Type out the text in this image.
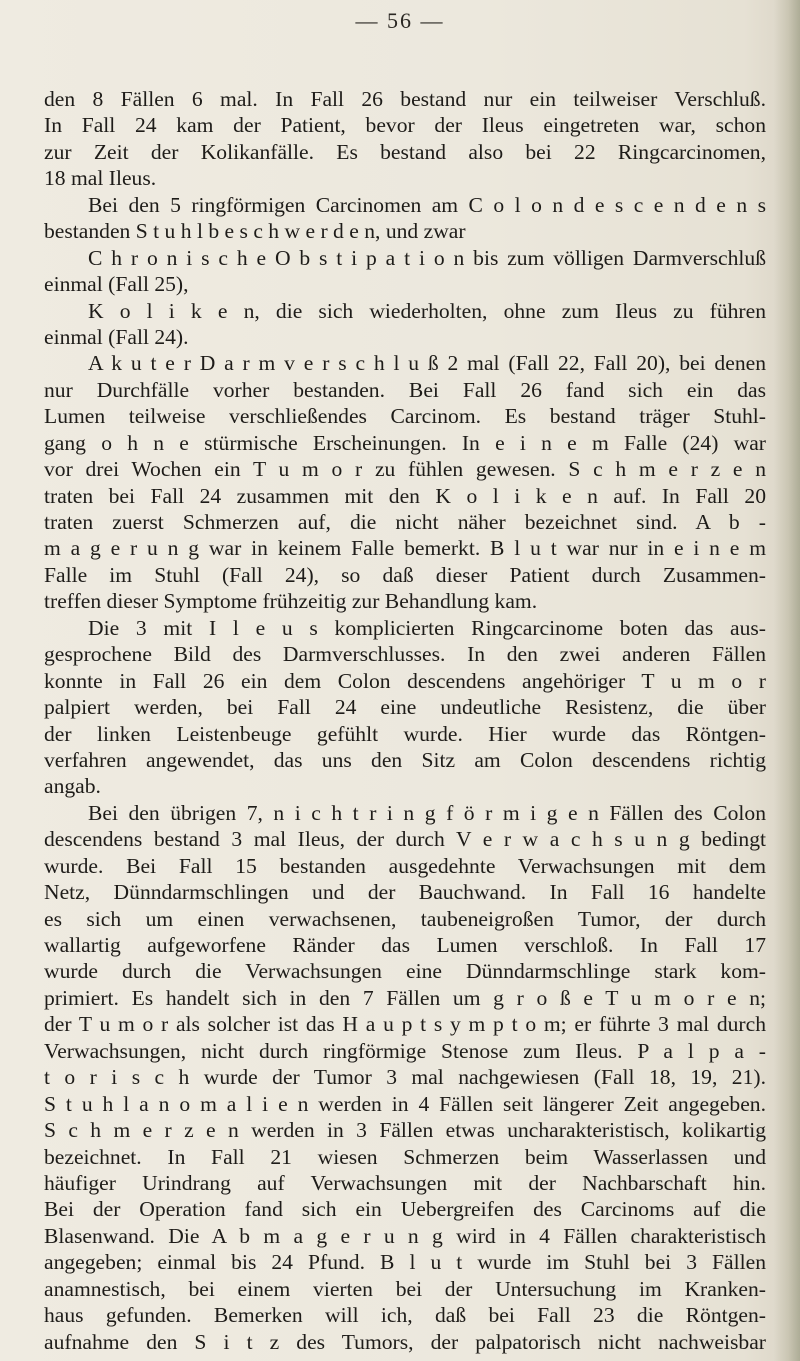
— 56 —
den 8 Fällen 6 mal. In Fall 26 bestand nur ein teilweiser Verschluß.
In Fall 24 kam der Patient, bevor der Ileus eingetreten war, schon
zur Zeit der Kolikanfälle. Es bestand also bei 22 Ringcarcinomen,
18 mal Ileus.
Bei den 5 ringförmigen Carcinomen am C o l o n d e s c e n d e n s
bestanden S t u h l b e s c h w e r d e n, und zwar
C h r o n i s c h e O b s t i p a t i o n bis zum völligen Darmverschluß
einmal (Fall 25),
K o l i k e n, die sich wiederholten, ohne zum Ileus zu führen
einmal (Fall 24).
A k u t e r D a r m v e r s c h l u ß 2 mal (Fall 22, Fall 20), bei denen
nur Durchfälle vorher bestanden. Bei Fall 26 fand sich ein das
Lumen teilweise verschließendes Carcinom. Es bestand träger Stuhl-
gang o h n e stürmische Erscheinungen. In e i n e m Falle (24) war
vor drei Wochen ein T u m o r zu fühlen gewesen. S c h m e r z e n
traten bei Fall 24 zusammen mit den K o l i k e n auf. In Fall 20
traten zuerst Schmerzen auf, die nicht näher bezeichnet sind. A b -
m a g e r u n g war in keinem Falle bemerkt. B l u t war nur in e i n e m
Falle im Stuhl (Fall 24), so daß dieser Patient durch Zusammen-
treffen dieser Symptome frühzeitig zur Behandlung kam.
Die 3 mit I l e u s komplicierten Ringcarcinome boten das aus-
gesprochene Bild des Darmverschlusses. In den zwei anderen Fällen
konnte in Fall 26 ein dem Colon descendens angehöriger T u m o r
palpiert werden, bei Fall 24 eine undeutliche Resistenz, die über
der linken Leistenbeuge gefühlt wurde. Hier wurde das Röntgen-
verfahren angewendet, das uns den Sitz am Colon descendens richtig
angab.
Bei den übrigen 7, n i c h t r i n g f ö r m i g e n Fällen des Colon
descendens bestand 3 mal Ileus, der durch V e r w a c h s u n g bedingt
wurde. Bei Fall 15 bestanden ausgedehnte Verwachsungen mit dem
Netz, Dünndarmschlingen und der Bauchwand. In Fall 16 handelte
es sich um einen verwachsenen, taubeneigroßen Tumor, der durch
wallartig aufgeworfene Ränder das Lumen verschloß. In Fall 17
wurde durch die Verwachsungen eine Dünndarmschlinge stark kom-
primiert. Es handelt sich in den 7 Fällen um g r o ß e T u m o r e n;
der T u m o r als solcher ist das H a u p t s y m p t o m; er führte 3 mal durch
Verwachsungen, nicht durch ringförmige Stenose zum Ileus. P a l p a -
t o r i s c h wurde der Tumor 3 mal nachgewiesen (Fall 18, 19, 21).
S t u h l a n o m a l i e n werden in 4 Fällen seit längerer Zeit angegeben.
S c h m e r z e n werden in 3 Fällen etwas uncharakteristisch, kolikartig
bezeichnet. In Fall 21 wiesen Schmerzen beim Wasserlassen und
häufiger Urindrang auf Verwachsungen mit der Nachbarschaft hin.
Bei der Operation fand sich ein Uebergreifen des Carcinoms auf die
Blasenwand. Die A b m a g e r u n g wird in 4 Fällen charakteristisch
angegeben; einmal bis 24 Pfund. B l u t wurde im Stuhl bei 3 Fällen
anamnestisch, bei einem vierten bei der Untersuchung im Kranken-
haus gefunden. Bemerken will ich, daß bei Fall 23 die Röntgen-
aufnahme den S i t z des Tumors, der palpatorisch nicht nachweisbar
